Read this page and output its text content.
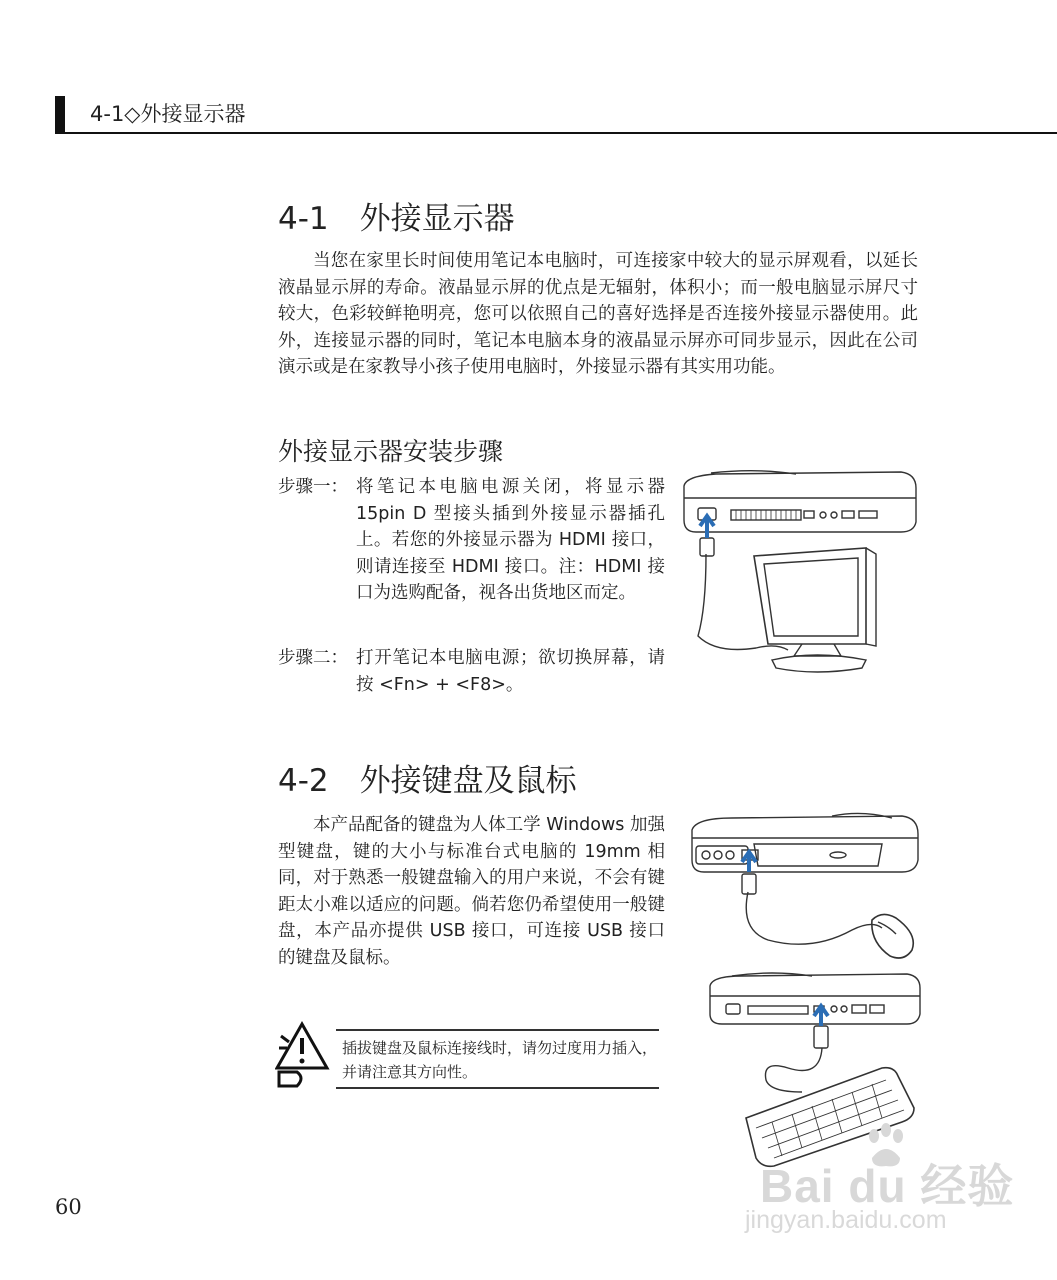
4-1◇外接显示器
4-1　外接显示器

当您在家里长时间使用笔记本电脑时，可连接家中较大的显示屏观看，以延长液晶显示屏的寿命。液晶显示屏的优点是无辐射，体积小；而一般电脑显示屏尺寸较大，色彩较鲜艳明亮，您可以依照自己的喜好选择是否连接外接显示器使用。此外，连接显示器的同时，笔记本电脑本身的液晶显示屏亦可同步显示，因此在公司演示或是在家教导小孩子使用电脑时，外接显示器有其实用功能。

外接显示器安装步骤
步骤一： 将笔记本电脑电源关闭，将显示器 15pin D 型接头插到外接显示器插孔上。若您的外接显示器为 HDMI 接口，则请连接至 HDMI 接口。注：HDMI 接口为选购配备，视各出货地区而定。
步骤二： 打开笔记本电脑电源；欲切换屏幕，请按 <Fn> + <F8>。
4-2　外接键盘及鼠标

本产品配备的键盘为人体工学 Windows 加强型键盘，键的大小与标准台式电脑的 19mm 相同，对于熟悉一般键盘输入的用户来说，不会有键距太小难以适应的问题。倘若您仍希望使用一般键盘，本产品亦提供 USB 接口，可连接 USB 接口的键盘及鼠标。

插拔键盘及鼠标连接线时，请勿过度用力插入，并请注意其方向性。
60	Bai du 经验
jingyan.baidu.com
